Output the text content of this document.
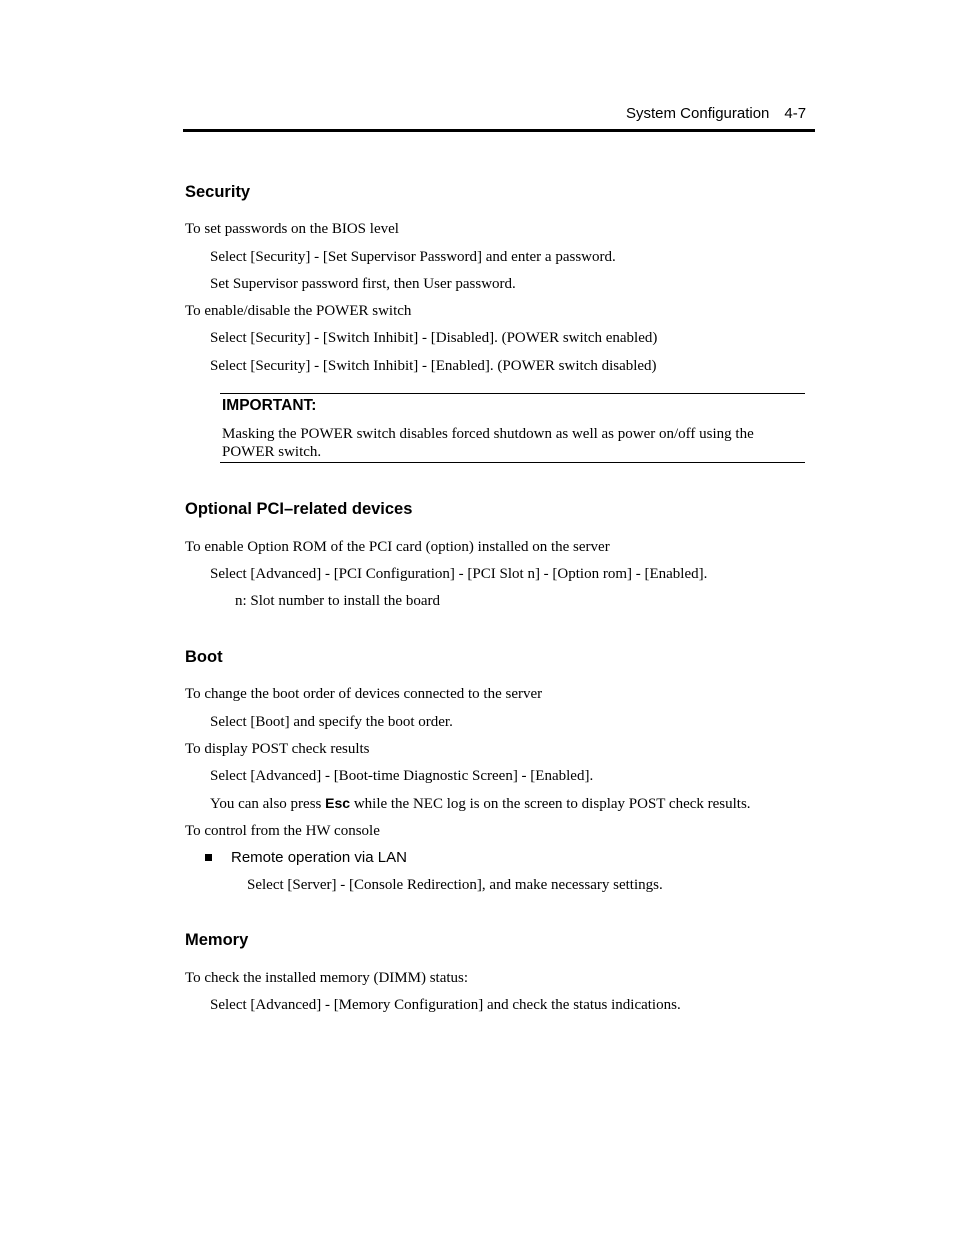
System Configuration 4-7
Security
To set passwords on the BIOS level
Select [Security] - [Set Supervisor Password] and enter a password.
Set Supervisor password first, then User password.
To enable/disable the POWER switch
Select [Security] - [Switch Inhibit] - [Disabled]. (POWER switch enabled)
Select [Security] - [Switch Inhibit] - [Enabled]. (POWER switch disabled)
IMPORTANT:
Masking the POWER switch disables forced shutdown as well as power on/off using the POWER switch.
Optional PCI–related devices
To enable Option ROM of the PCI card (option) installed on the server
Select [Advanced] - [PCI Configuration] - [PCI Slot n] - [Option rom] - [Enabled].
n: Slot number to install the board
Boot
To change the boot order of devices connected to the server
Select [Boot] and specify the boot order.
To display POST check results
Select [Advanced] - [Boot-time Diagnostic Screen] - [Enabled].
You can also press Esc while the NEC log is on the screen to display POST check results.
To control from the HW console
Remote operation via LAN
Select [Server] - [Console Redirection], and make necessary settings.
Memory
To check the installed memory (DIMM) status:
Select [Advanced] - [Memory Configuration] and check the status indications.
